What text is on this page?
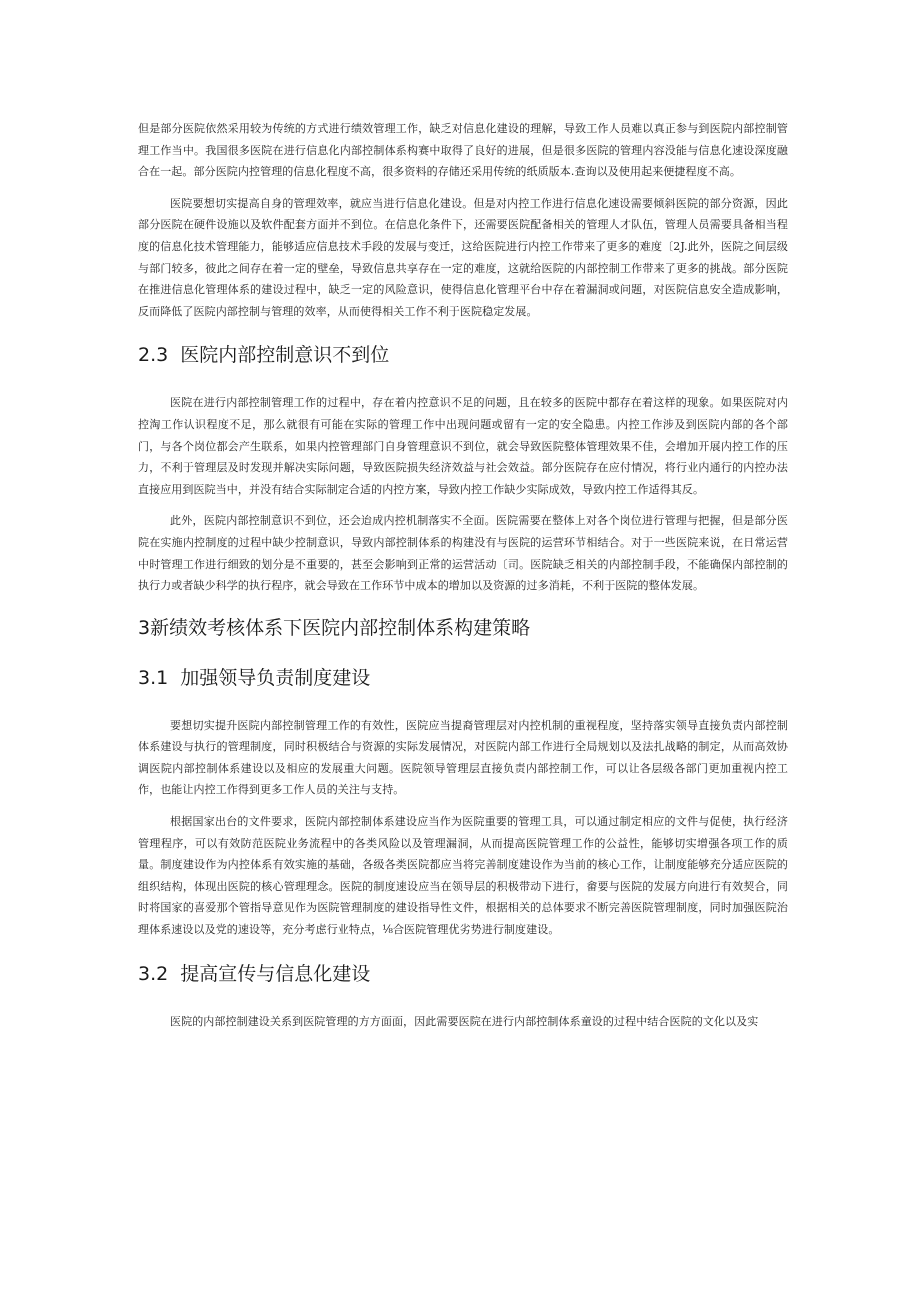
但是部分医院依然采用较为传统的方式进行绩效管理工作，缺乏对信息化建设的理解，导致工作人员难以真正参与到医院内部控制管理工作当中。我国很多医院在进行信息化内部控制体系构赛中取得了良好的进展，但是很多医院的管理内容没能与信息化速设深度融合在一起。部分医院内控管理的信息化程度不高，很多资料的存储还采用传统的纸质版本.查询以及使用起来便捷程度不高。

医院要想切实提高自身的管理效率，就应当进行信息化建设。但是对内控工作进行信息化速设需要倾斜医院的部分资源，因此部分医院在硬件设施以及软件配套方面并不到位。在信息化条件下，还需要医院配备相关的管理人才队伍，管理人员需要具备相当程度的信息化技术管理能力，能够适应信息技术手段的发展与变迁，这给医院进行内控工作带来了更多的难度〔2J.此外，医院之间层级与部门较多，彼此之间存在着一定的壁垒，导致信息共享存在一定的难度，这就给医院的内部控制工作带来了更多的挑战。部分医院在推进信息化管理体系的建设过程中，缺乏一定的风险意识，使得信息化管理平台中存在着漏洞或问题，对医院信息安全造成影响，反而降低了医院内部控制与管理的效率，从而使得相关工作不利于医院稳定发展。

2.3 医院内部控制意识不到位

医院在进行内部控制管理工作的过程中，存在着内控意识不足的问题，且在较多的医院中都存在着这样的现象。如果医院对内控淘工作认识程度不足，那么就很有可能在实际的管理工作中出现问题或留有一定的安全隐患。内控工作涉及到医院内部的各个部门，与各个岗位都会产生联系，如果内控管理部门自身管理意识不到位，就会导致医院整体管理效果不佳，会增加开展内控工作的压力，不利于管理层及时发现并解决实际问题，导致医院损失经济效益与社会效益。部分医院存在应付情况，将行业内通行的内控办法直接应用到医院当中，并没有结合实际制定合适的内控方案，导致内控工作缺少实际成效，导致内控工作适得其反。

此外，医院内部控制意识不到位，还会迨成内控机制落实不全面。医院需要在整体上对各个岗位进行管理与把握，但是部分医院在实施内控制度的过程中缺少控制意识，导致内部控制体系的构建没有与医院的运营环节相结合。对于一些医院来说，在日常运营中时管理工作进行细致的划分是不重要的，甚至会影响到正常的运营活动〔司。医院缺乏相关的内部控制手段，不能确保内部控制的执行力或者缺少科学的执行程序，就会导致在工作环节中成本的增加以及资源的过多消耗，不利于医院的整体发展。

3新绩效考核体系下医院内部控制体系构建策略
3.1 加强领导负责制度建设

要想切实提升医院内部控制管理工作的有效性，医院应当提裔管理层对内控机制的重视程度，坚持落实领导直接负责内部控制体系建设与执行的管理制度，同时积极结合与资源的实际发展情况，对医院内部工作进行全局规划以及法扎战略的制定，从而高效协调医院内部控制体系建设以及相应的发展重大问题。医院领导管理层直接负责内部控制工作，可以让各层级各部门更加重视内控工作，也能让内控工作得到更多工作人员的关注与支持。

根据国家出台的文件要求，医院内部控制体系建设应当作为医院重要的管理工具，可以通过制定相应的文件与促使，执行经济管理程序，可以有效防范医院业务流程中的各类风险以及管理漏洞，从而提高医院管理工作的公益性，能够切实增强各项工作的质量。制度建设作为内控体系有效实施的基础，各级各类医院都应当将完善制度建设作为当前的核心工作，让制度能够充分适应医院的组织结构，体现出医院的核心管理理念。医院的制度速设应当在领导层的积极带动下进行，畲要与医院的发展方向进行有效契合，同时将国家的喜爱那个管指导意见作为医院管理制度的建设指导性文件，根据相关的总体要求不断完善医院管理制度，同时加强医院治理体系速设以及党的速设等，充分考虑行业特点，⅛合医院管理优劣势进行制度建设。

3.2 提高宣传与信息化建设

医院的内部控制建设关系到医院管理的方方面面，因此需要医院在进行内部控制体系童设的过程中结合医院的文化以及实
